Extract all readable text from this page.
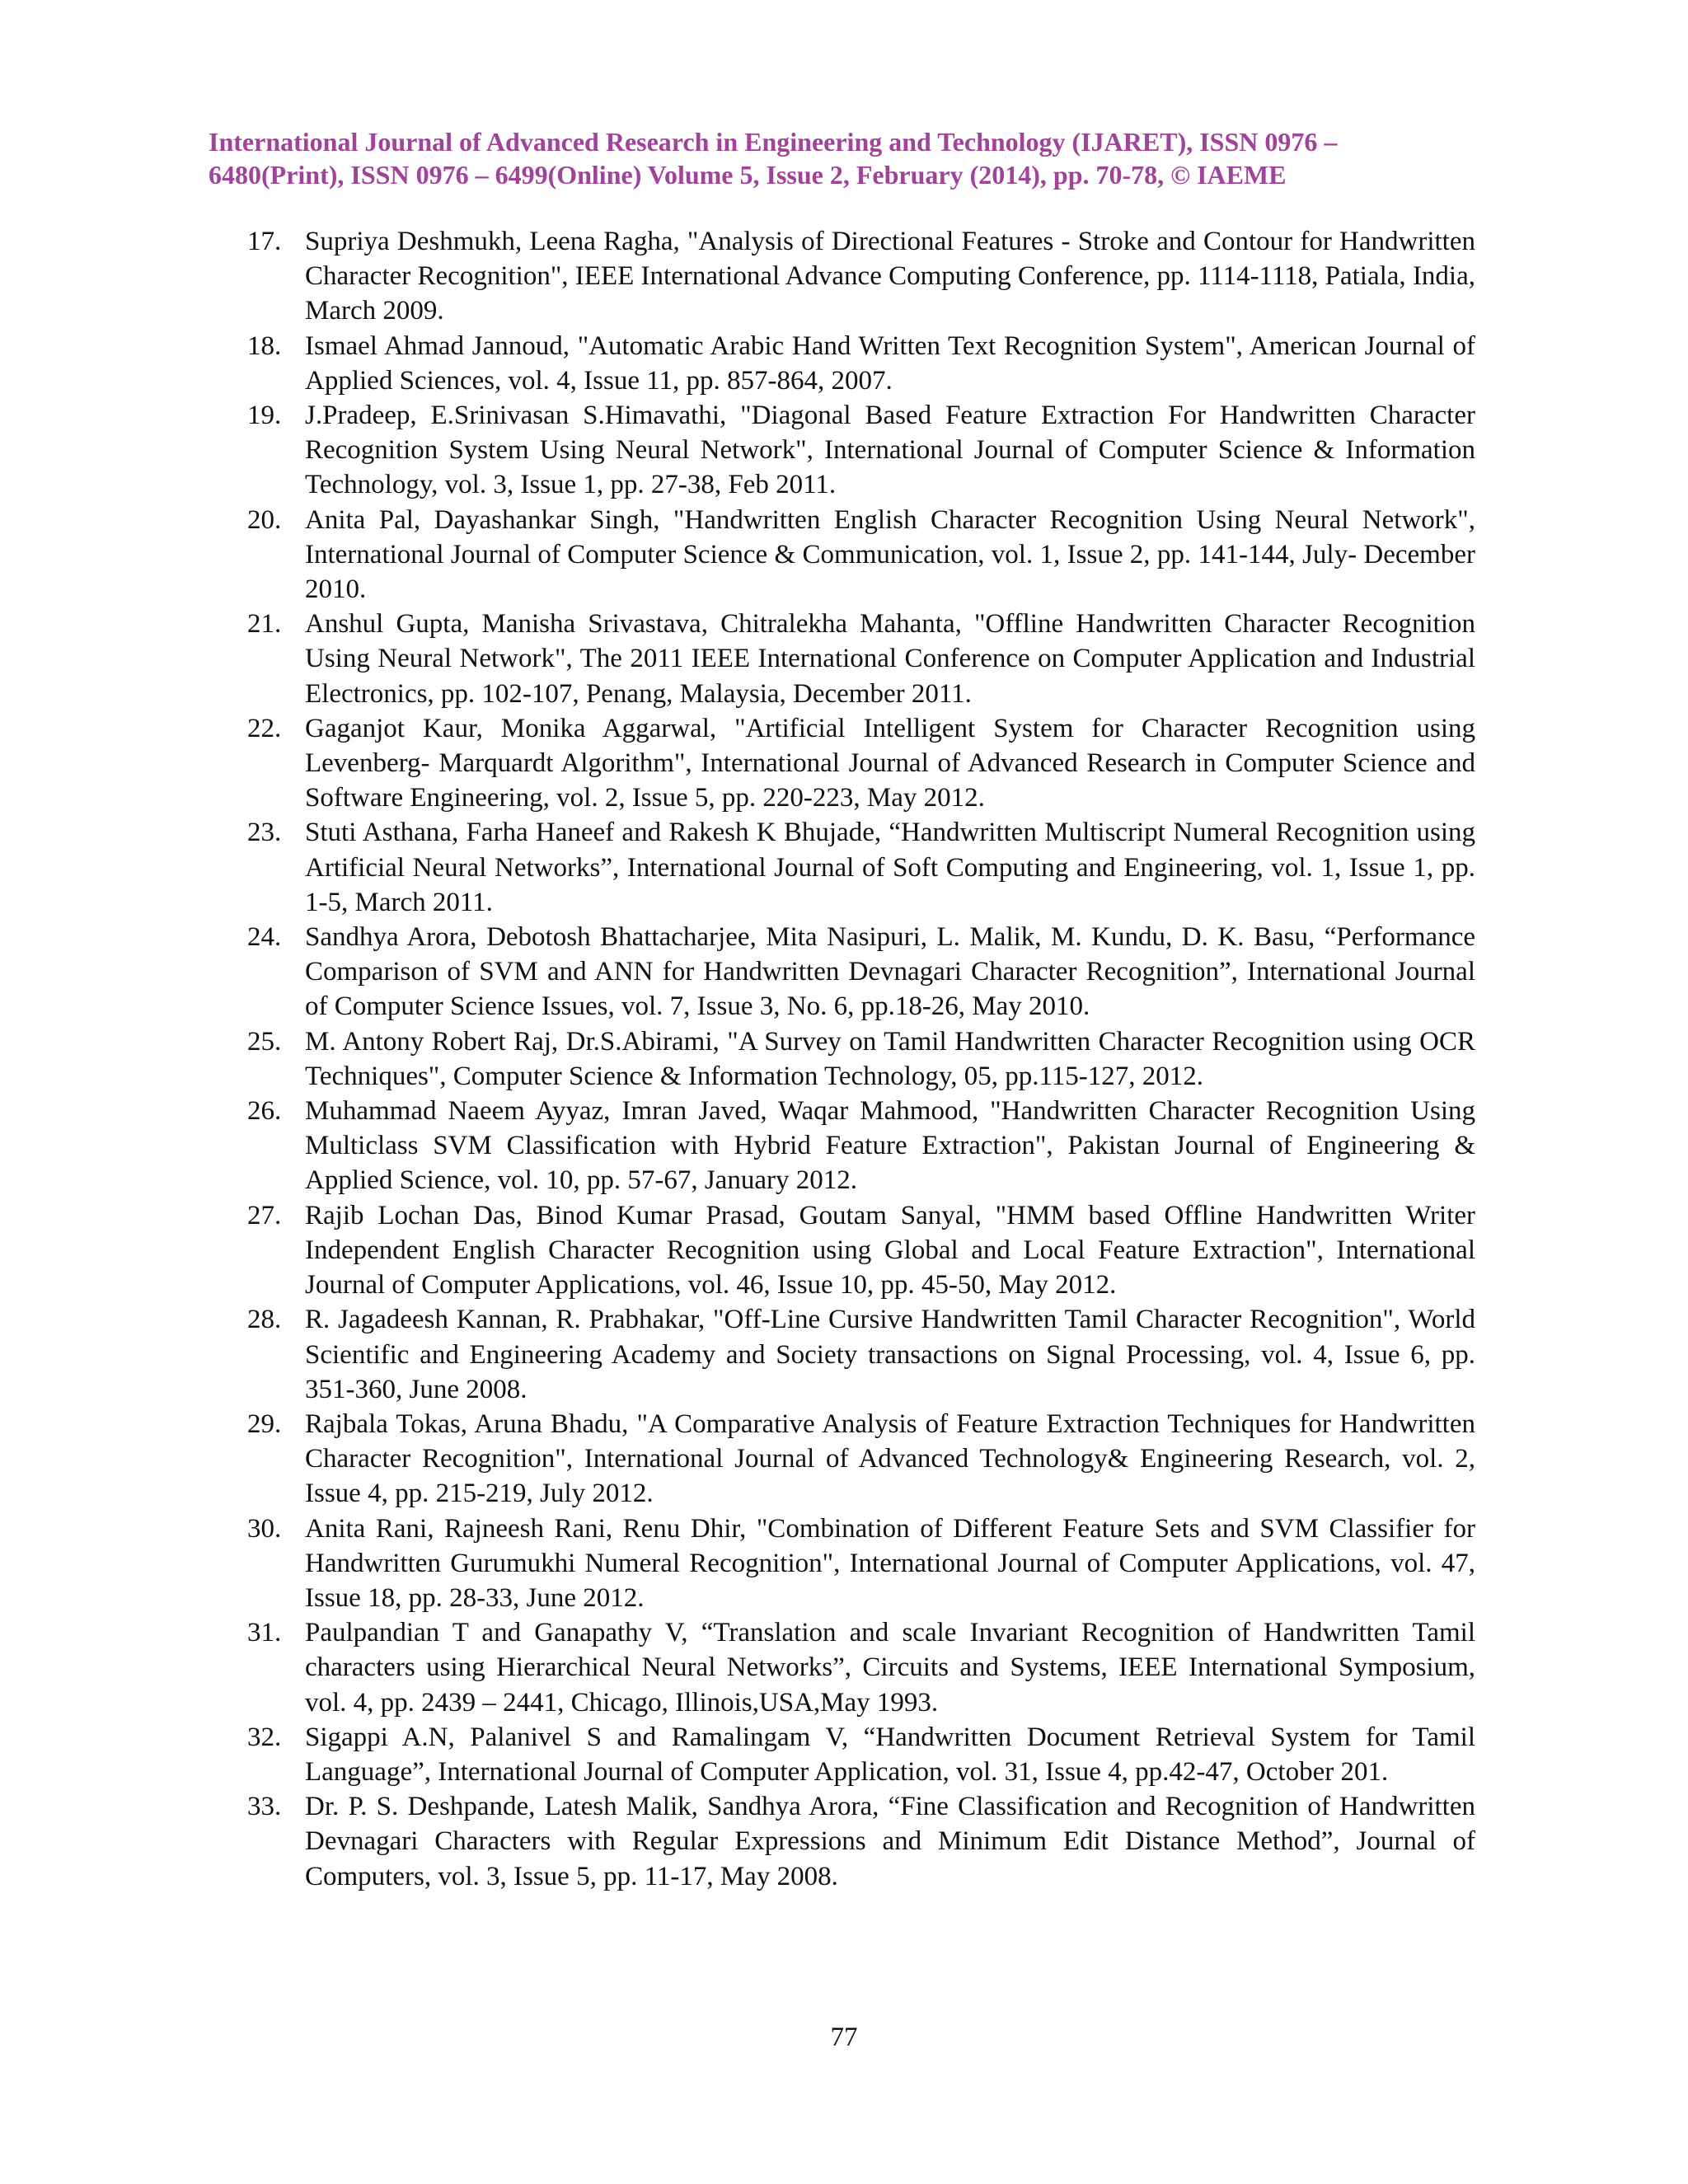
International Journal of Advanced Research in Engineering and Technology (IJARET), ISSN 0976 – 6480(Print), ISSN 0976 – 6499(Online) Volume 5, Issue 2, February (2014), pp. 70-78, © IAEME

17. Supriya Deshmukh, Leena Ragha, "Analysis of Directional Features - Stroke and Contour for Handwritten Character Recognition", IEEE International Advance Computing Conference, pp. 1114-1118, Patiala, India, March 2009.
18. Ismael Ahmad Jannoud, "Automatic Arabic Hand Written Text Recognition System", American Journal of Applied Sciences, vol. 4, Issue 11, pp. 857-864, 2007.
19. J.Pradeep, E.Srinivasan S.Himavathi, "Diagonal Based Feature Extraction For Handwritten Character Recognition System Using Neural Network", International Journal of Computer Science & Information Technology, vol. 3, Issue 1, pp. 27-38, Feb 2011.
20. Anita Pal, Dayashankar Singh, "Handwritten English Character Recognition Using Neural Network", International Journal of Computer Science & Communication, vol. 1, Issue 2, pp. 141-144, July- December 2010.
21. Anshul Gupta, Manisha Srivastava, Chitralekha Mahanta, "Offline Handwritten Character Recognition Using Neural Network", The 2011 IEEE International Conference on Computer Application and Industrial Electronics, pp. 102-107, Penang, Malaysia, December 2011.
22. Gaganjot Kaur, Monika Aggarwal, "Artificial Intelligent System for Character Recognition using Levenberg- Marquardt Algorithm", International Journal of Advanced Research in Computer Science and Software Engineering, vol. 2, Issue 5, pp. 220-223, May 2012.
23. Stuti Asthana, Farha Haneef and Rakesh K Bhujade, “Handwritten Multiscript Numeral Recognition using Artificial Neural Networks”, International Journal of Soft Computing and Engineering, vol. 1, Issue 1, pp. 1-5, March 2011.
24. Sandhya Arora, Debotosh Bhattacharjee, Mita Nasipuri, L. Malik, M. Kundu, D. K. Basu, “Performance Comparison of SVM and ANN for Handwritten Devnagari Character Recognition”, International Journal of Computer Science Issues, vol. 7, Issue 3, No. 6, pp.18-26, May 2010.
25. M. Antony Robert Raj, Dr.S.Abirami, "A Survey on Tamil Handwritten Character Recognition using OCR Techniques", Computer Science & Information Technology, 05, pp.115-127, 2012.
26. Muhammad Naeem Ayyaz, Imran Javed, Waqar Mahmood, "Handwritten Character Recognition Using Multiclass SVM Classification with Hybrid Feature Extraction", Pakistan Journal of Engineering & Applied Science, vol. 10, pp. 57-67, January 2012.
27. Rajib Lochan Das, Binod Kumar Prasad, Goutam Sanyal, "HMM based Offline Handwritten Writer Independent English Character Recognition using Global and Local Feature Extraction", International Journal of Computer Applications, vol. 46, Issue 10, pp. 45-50, May 2012.
28. R. Jagadeesh Kannan, R. Prabhakar, "Off-Line Cursive Handwritten Tamil Character Recognition", World Scientific and Engineering Academy and Society transactions on Signal Processing, vol. 4, Issue 6, pp. 351-360, June 2008.
29. Rajbala Tokas, Aruna Bhadu, "A Comparative Analysis of Feature Extraction Techniques for Handwritten Character Recognition", International Journal of Advanced Technology& Engineering Research, vol. 2, Issue 4, pp. 215-219, July 2012.
30. Anita Rani, Rajneesh Rani, Renu Dhir, "Combination of Different Feature Sets and SVM Classifier for Handwritten Gurumukhi Numeral Recognition", International Journal of Computer Applications, vol. 47, Issue 18, pp. 28-33, June 2012.
31. Paulpandian T and Ganapathy V, “Translation and scale Invariant Recognition of Handwritten Tamil characters using Hierarchical Neural Networks”, Circuits and Systems, IEEE International Symposium, vol. 4, pp. 2439 – 2441, Chicago, Illinois,USA,May 1993.
32. Sigappi A.N, Palanivel S and Ramalingam V, “Handwritten Document Retrieval System for Tamil Language”, International Journal of Computer Application, vol. 31, Issue 4, pp.42-47, October 201.
33. Dr. P. S. Deshpande, Latesh Malik, Sandhya Arora, “Fine Classification and Recognition of Handwritten Devnagari Characters with Regular Expressions and Minimum Edit Distance Method”, Journal of Computers, vol. 3, Issue 5, pp. 11-17, May 2008.
77
